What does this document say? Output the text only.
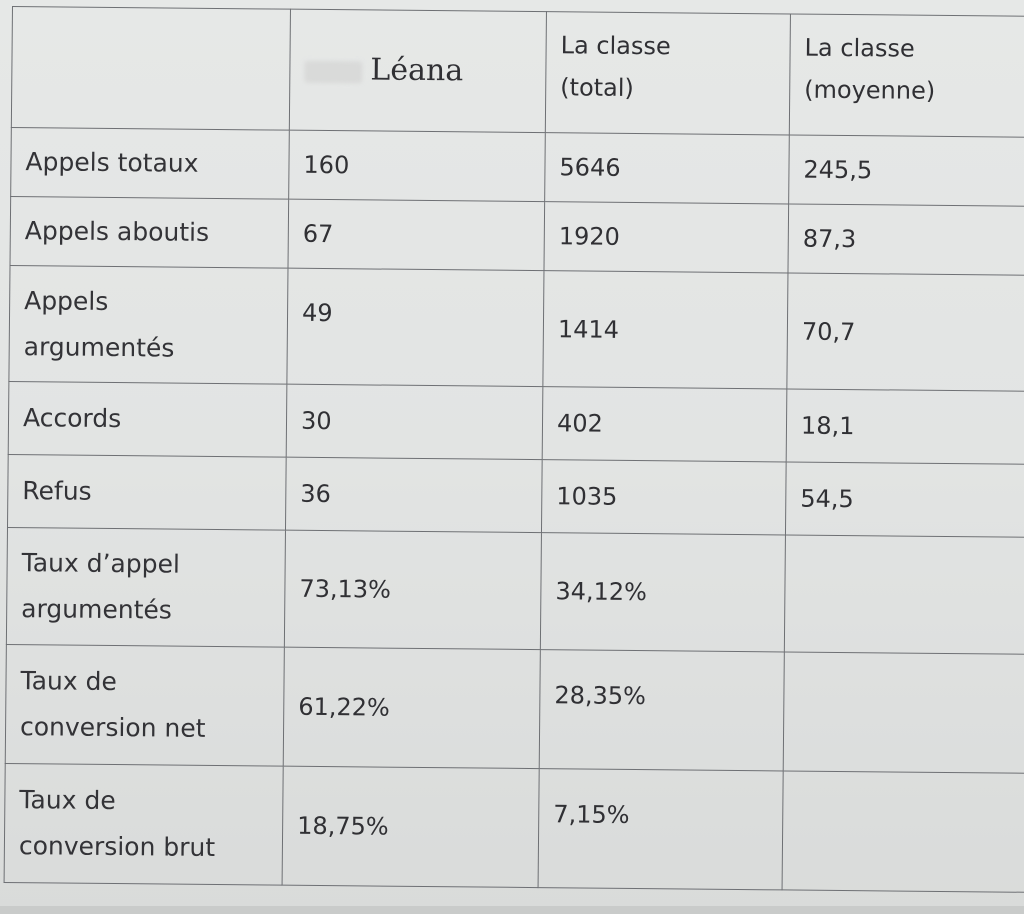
	Léana	La classe (total)	La classe (moyenne)

Appels totaux	160	5646	245,5
Appels aboutis	67	1920	87,3

Appels argumentés	49	1414	70,7
Accords	30	402	18,1
Refus	36	1035	54,5

Taux d’appel argumentés	73,13%	34,12%	

Taux de conversion net	61,22%	28,35%	

Taux de conversion brut	18,75%	7,15%	
